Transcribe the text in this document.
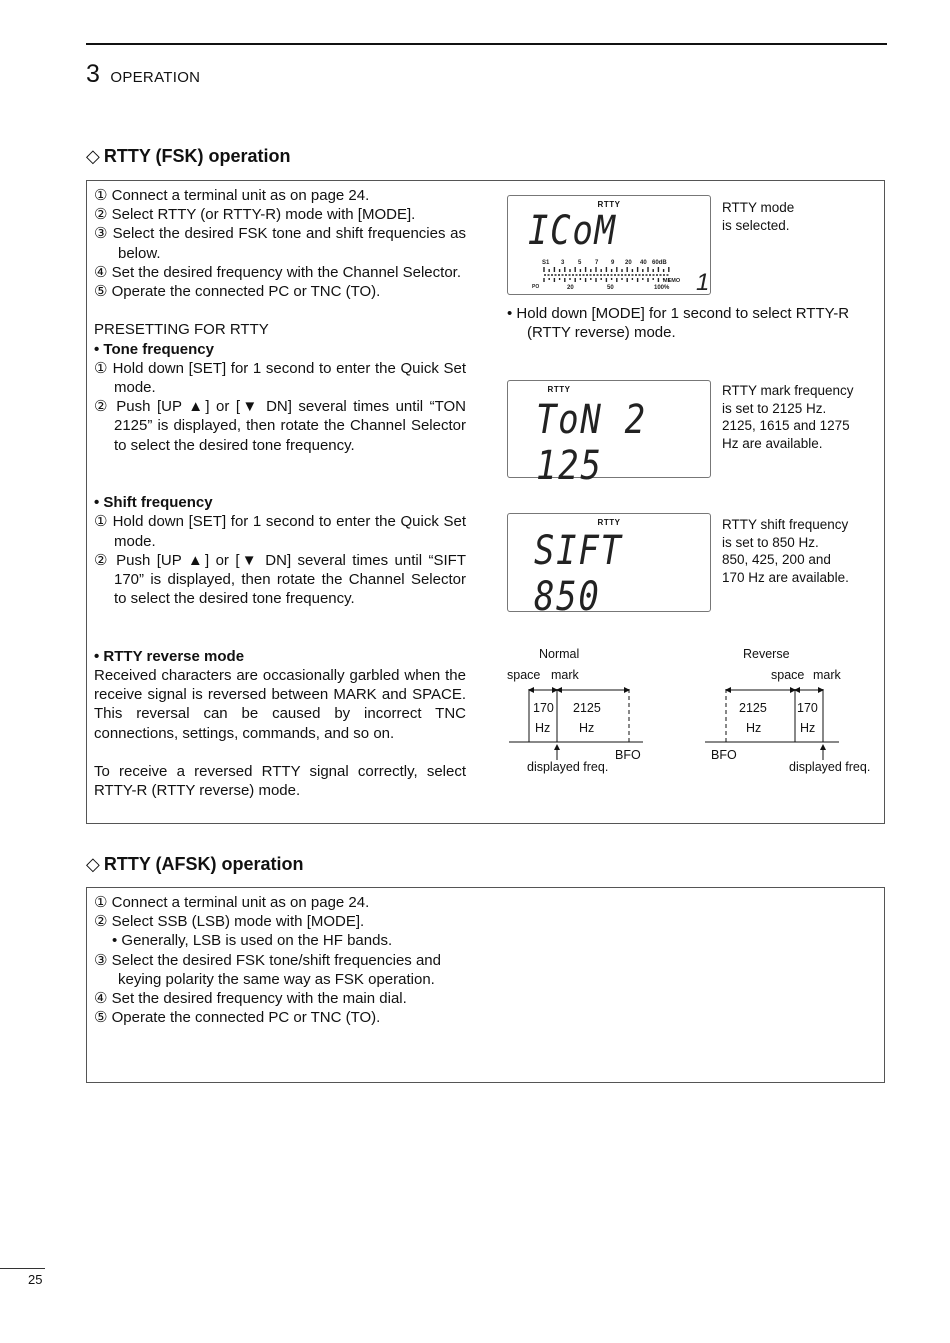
3 OPERATION
◇ RTTY (FSK) operation

① Connect a terminal unit as on page 24.

② Select RTTY (or RTTY-R) mode with [MODE].

③ Select the desired FSK tone and shift frequencies as below.

④ Set the desired frequency with the Channel Selector.

⑤ Operate the connected PC or TNC (TO).

PRESETTING FOR RTTY

• Tone frequency

① Hold down [SET] for 1 second to enter the Quick Set mode.

② Push [UP ▲] or [▼ DN] several times until “TON 2125” is displayed, then rotate the Channel Selector to select the desired tone frequency.

• Shift frequency

① Hold down [SET] for 1 second to enter the Quick Set mode.

② Push [UP ▲] or [▼ DN] several times until “SIFT 170” is displayed, then rotate the Channel Selector to select the desired tone frequency.

• RTTY reverse mode

Received characters are occasionally garbled when the receive signal is reversed between MARK and SPACE. This reversal can be caused by incorrect TNC connections, settings, commands, and so on.

To receive a reversed RTTY signal correctly, select RTTY-R (RTTY reverse) mode.

RTTY
ICoM
S1 3 5 7 9 20 40 60dB
PO	20	50	100%
MEMO 1

RTTY mode

is selected.

• Hold down [MODE] for 1 second to select RTTY-R (RTTY reverse) mode.

RTTY
ToN 2 125

RTTY mark frequency

is set to 2125 Hz.

2125, 1615 and 1275

Hz are available.

RTTY
SIFT 850

RTTY shift frequency

is set to 850 Hz.

850, 425, 200 and

170 Hz are available.

Normal
space mark
170
Hz
2125
Hz
BFO
displayed freq.
Reverse
space mark
2125
Hz
170
Hz
BFO
displayed freq.
◇ RTTY (AFSK) operation

① Connect a terminal unit as on page 24.

② Select SSB (LSB) mode with [MODE].

• Generally, LSB is used on the HF bands.

③ Select the desired FSK tone/shift frequencies and keying polarity the same way as FSK operation.

④ Set the desired frequency with the main dial.

⑤ Operate the connected PC or TNC (TO).

25
